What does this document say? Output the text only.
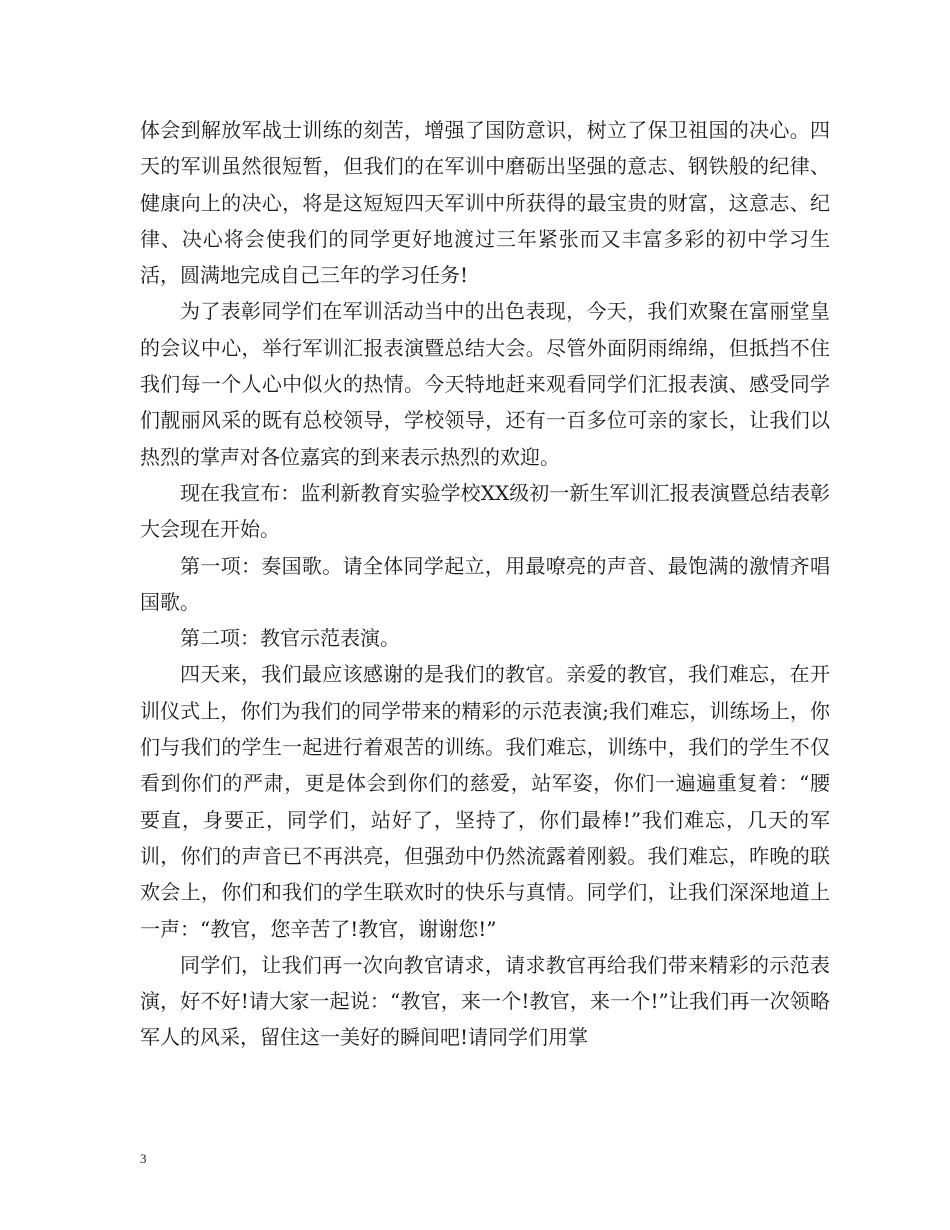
体会到解放军战士训练的刻苦，增强了国防意识，树立了保卫祖国的决心。四天的军训虽然很短暂，但我们的在军训中磨砺出坚强的意志、钢铁般的纪律、健康向上的决心，将是这短短四天军训中所获得的最宝贵的财富，这意志、纪律、决心将会使我们的同学更好地渡过三年紧张而又丰富多彩的初中学习生活，圆满地完成自己三年的学习任务!

为了表彰同学们在军训活动当中的出色表现，今天，我们欢聚在富丽堂皇的会议中心，举行军训汇报表演暨总结大会。尽管外面阴雨绵绵，但抵挡不住我们每一个人心中似火的热情。今天特地赶来观看同学们汇报表演、感受同学们靓丽风采的既有总校领导，学校领导，还有一百多位可亲的家长，让我们以热烈的掌声对各位嘉宾的到来表示热烈的欢迎。

现在我宣布：监利新教育实验学校XX级初一新生军训汇报表演暨总结表彰大会现在开始。

第一项：奏国歌。请全体同学起立，用最嘹亮的声音、最饱满的激情齐唱国歌。

第二项：教官示范表演。

四天来，我们最应该感谢的是我们的教官。亲爱的教官，我们难忘，在开训仪式上，你们为我们的同学带来的精彩的示范表演;我们难忘，训练场上，你们与我们的学生一起进行着艰苦的训练。我们难忘，训练中，我们的学生不仅看到你们的严肃，更是体会到你们的慈爱，站军姿，你们一遍遍重复着：“腰要直，身要正，同学们，站好了，坚持了，你们最棒!”我们难忘，几天的军训，你们的声音已不再洪亮，但强劲中仍然流露着刚毅。我们难忘，昨晚的联欢会上，你们和我们的学生联欢时的快乐与真情。同学们，让我们深深地道上一声：“教官，您辛苦了!教官，谢谢您!”

同学们，让我们再一次向教官请求，请求教官再给我们带来精彩的示范表演，好不好!请大家一起说：“教官，来一个!教官，来一个!”让我们再一次领略军人的风采，留住这一美好的瞬间吧!请同学们用掌

3
